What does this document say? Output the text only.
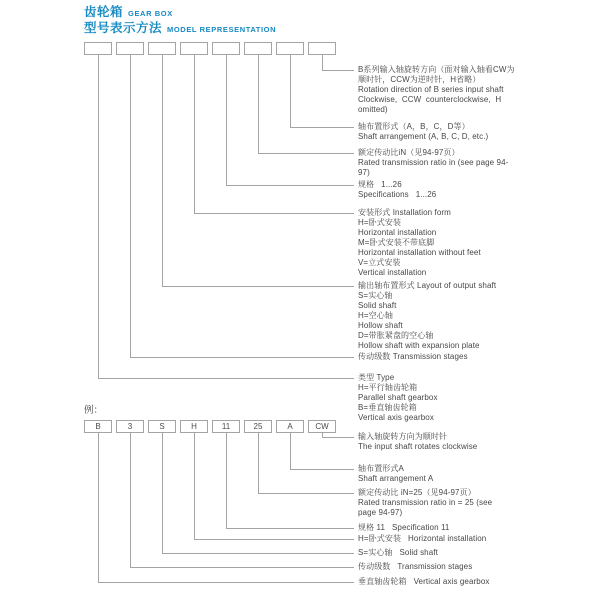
齿轮箱 GEAR BOX
型号表示方法 MODEL REPRESENTATION
B系列输入轴旋转方向（面对输入轴看CW为
顺时针，CCW为逆时针，H省略）
Rotation direction of B series input shaft
Clockwise,  CCW  counterclockwise,  H
omitted)
轴布置形式（A，B，C，D等）
Shaft arrangement (A, B, C, D, etc.)
额定传动比iN（见94-97页）
Rated transmission ratio in (see page 94-
97)
规格   1...26
Specifications   1...26
安装形式 Installation form
H=卧式安装
Horizontal installation
M=卧式安装不带底脚
Horizontal installation without feet
V=立式安装
Vertical installation
输出轴布置形式 Layout of output shaft
S=实心轴
Solid shaft
H=空心轴
Hollow shaft
D=带胀紧盘的空心轴
Hollow shaft with expansion plate
传动级数 Transmission stages
类型 Type
H=平行轴齿轮箱
Parallel shaft gearbox
B=垂直轴齿轮箱
Vertical axis gearbox
例：
B	3	S	H	11	25	A	CW
输入轴旋转方向为顺时针
The input shaft rotates clockwise
轴布置形式A
Shaft arrangement A
额定传动比 iN=25（见94-97页）
Rated transmission ratio in = 25 (see
page 94-97)
规格 11   Specification 11
H=卧式安装   Horizontal installation
S=实心轴   Solid shaft
传动级数   Transmission stages
垂直轴齿轮箱   Vertical axis gearbox
